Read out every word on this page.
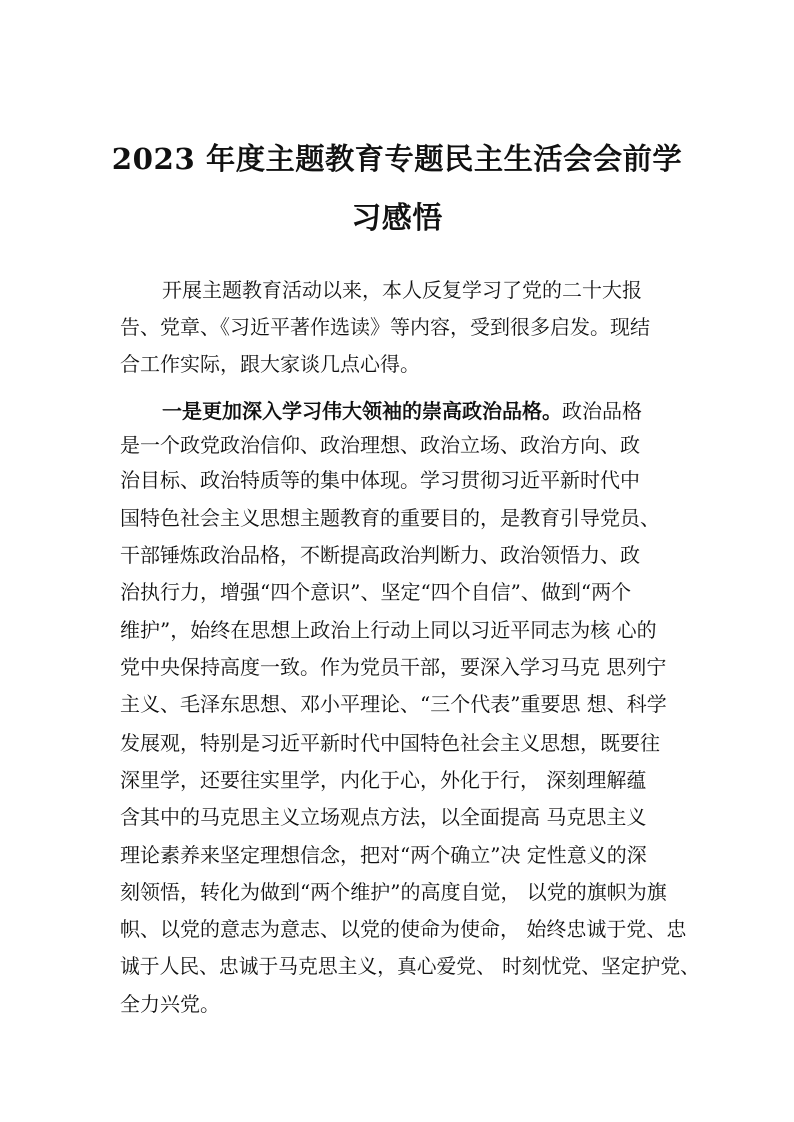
2023 年度主题教育专题民主生活会会前学
习感悟
开展主题教育活动以来，本人反复学习了党的二十大报
告、党章、《习近平著作选读》等内容，受到很多启发。现结
合工作实际，跟大家谈几点心得。
一是更加深入学习伟大领袖的崇高政治品格。政治品格
是一个政党政治信仰、政治理想、政治立场、政治方向、政
治目标、政治特质等的集中体现。学习贯彻习近平新时代中
国特色社会主义思想主题教育的重要目的，是教育引导党员、
干部锤炼政治品格，不断提高政治判断力、政治领悟力、政
治执行力，增强“四个意识”、坚定“四个自信”、做到“两个
维护”，始终在思想上政治上行动上同以习近平同志为核 心的
党中央保持高度一致。作为党员干部，要深入学习马克 思列宁
主义、毛泽东思想、邓小平理论、“三个代表”重要思 想、科学
发展观，特别是习近平新时代中国特色社会主义思想，既要往
深里学，还要往实里学，内化于心，外化于行， 深刻理解蕴
含其中的马克思主义立场观点方法，以全面提高 马克思主义
理论素养来坚定理想信念，把对“两个确立”决 定性意义的深
刻领悟，转化为做到“两个维护”的高度自觉， 以党的旗帜为旗
帜、以党的意志为意志、以党的使命为使命， 始终忠诚于党、忠
诚于人民、忠诚于马克思主义，真心爱党、 时刻忧党、坚定护党、
全力兴党。
